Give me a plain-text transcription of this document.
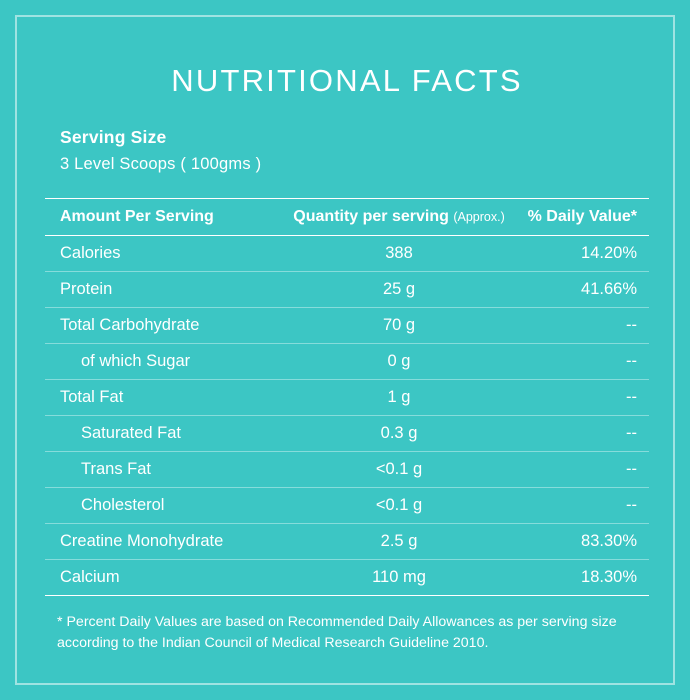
NUTRITIONAL FACTS
Serving Size
3 Level Scoops ( 100gms )
Amount Per Serving	Quantity per serving (Approx.)	% Daily Value*
Calories	388	14.20%
Protein	25 g	41.66%
Total Carbohydrate	70 g	--
of which Sugar	0 g	--
Total Fat	1 g	--
Saturated Fat	0.3 g	--
Trans Fat	<0.1 g	--
Cholesterol	<0.1 g	--
Creatine Monohydrate	2.5 g	83.30%
Calcium	110 mg	18.30%
* Percent Daily Values are based on Recommended Daily Allowances as per serving size according to the Indian Council of Medical Research Guideline 2010.
